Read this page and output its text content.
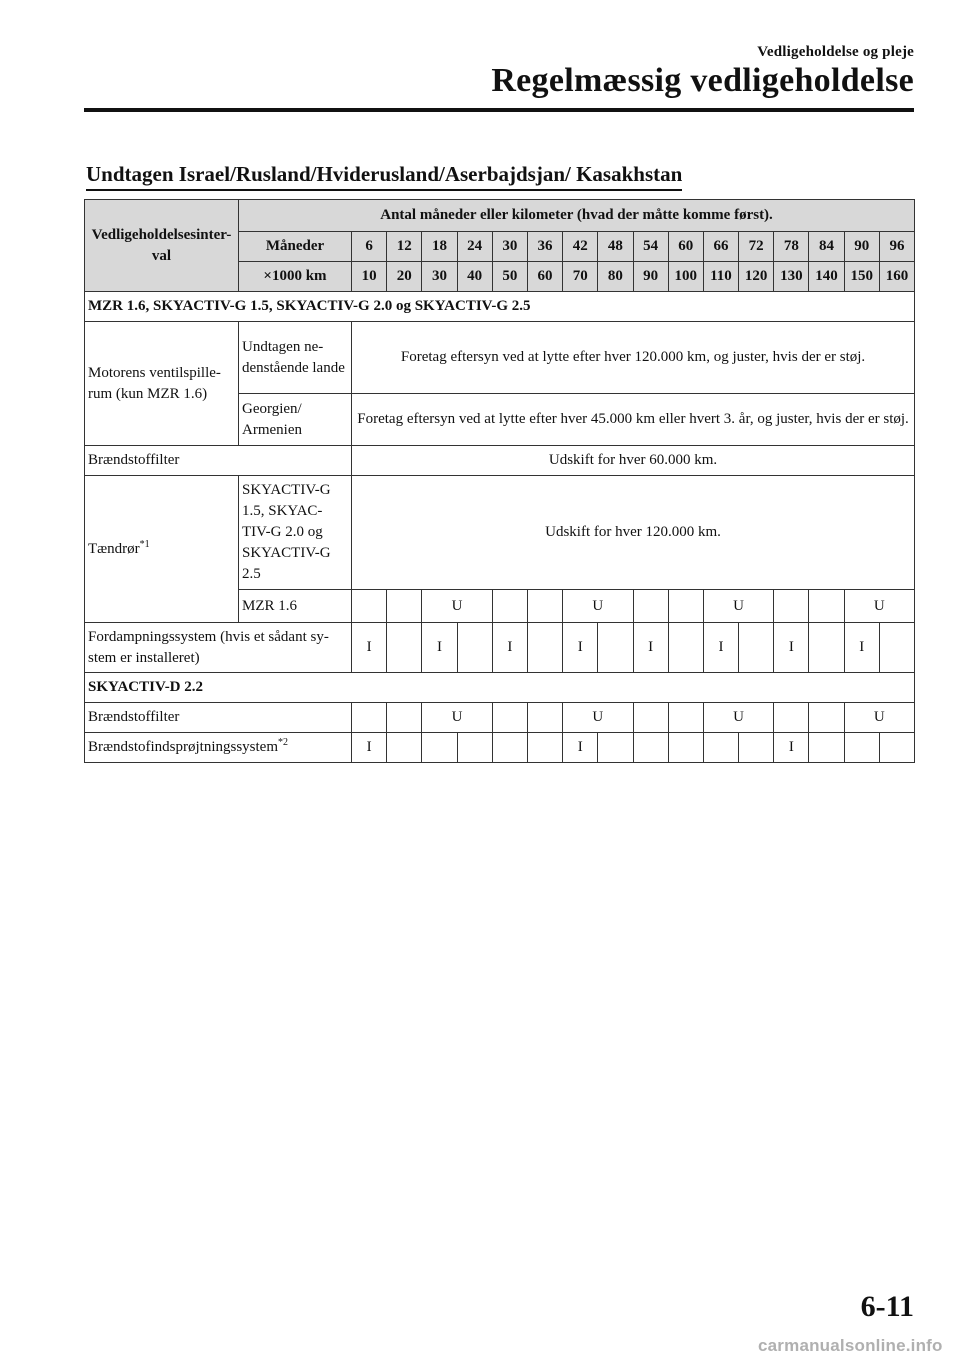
Vedligeholdelse og pleje
Regelmæssig vedligeholdelse
Undtagen Israel/Rusland/Hviderusland/Aserbajdsjan/ Kasakhstan
Vedligeholdelsesinter-val	Antal måneder eller kilometer (hvad der måtte komme først).																
	Måneder	6	12	18	24	30	36	42	48	54	60	66	72	78	84	90	96
	×1000 km	10	20	30	40	50	60	70	80	90	100	110	120	130	140	150	160
MZR 1.6, SKYACTIV-G 1.5, SKYACTIV-G 2.0 og SKYACTIV-G 2.5																	
Motorens ventilspille-rum (kun MZR 1.6)	Undtagen ne-denstående lande	Foretag eftersyn ved at lytte efter hver 120.000 km, og juster, hvis der er støj.															
	Georgien/ Armenien	Foretag eftersyn ved at lytte efter hver 45.000 km eller hvert 3. år, og juster, hvis der er støj.															
Brændstoffilter		Udskift for hver 60.000 km.															
Tændrør$^{*1}$	SKYACTIV-G 1.5, SKYAC-TIV-G 2.0 og SKYACTIV-G 2.5	Udskift for hver 120.000 km.															
	MZR 1.6			U				U				U				U	
Fordampningssystem (hvis et sådant sy-stem er installeret)		I		I		I		I		I		I		I		I	
SKYACTIV-D 2.2																	
Brændstoffilter				U				U				U				U	
Brændstofindsprøjtningssystem$^{*2}$		I						I						I			
6-11
carmanualsonline.info
